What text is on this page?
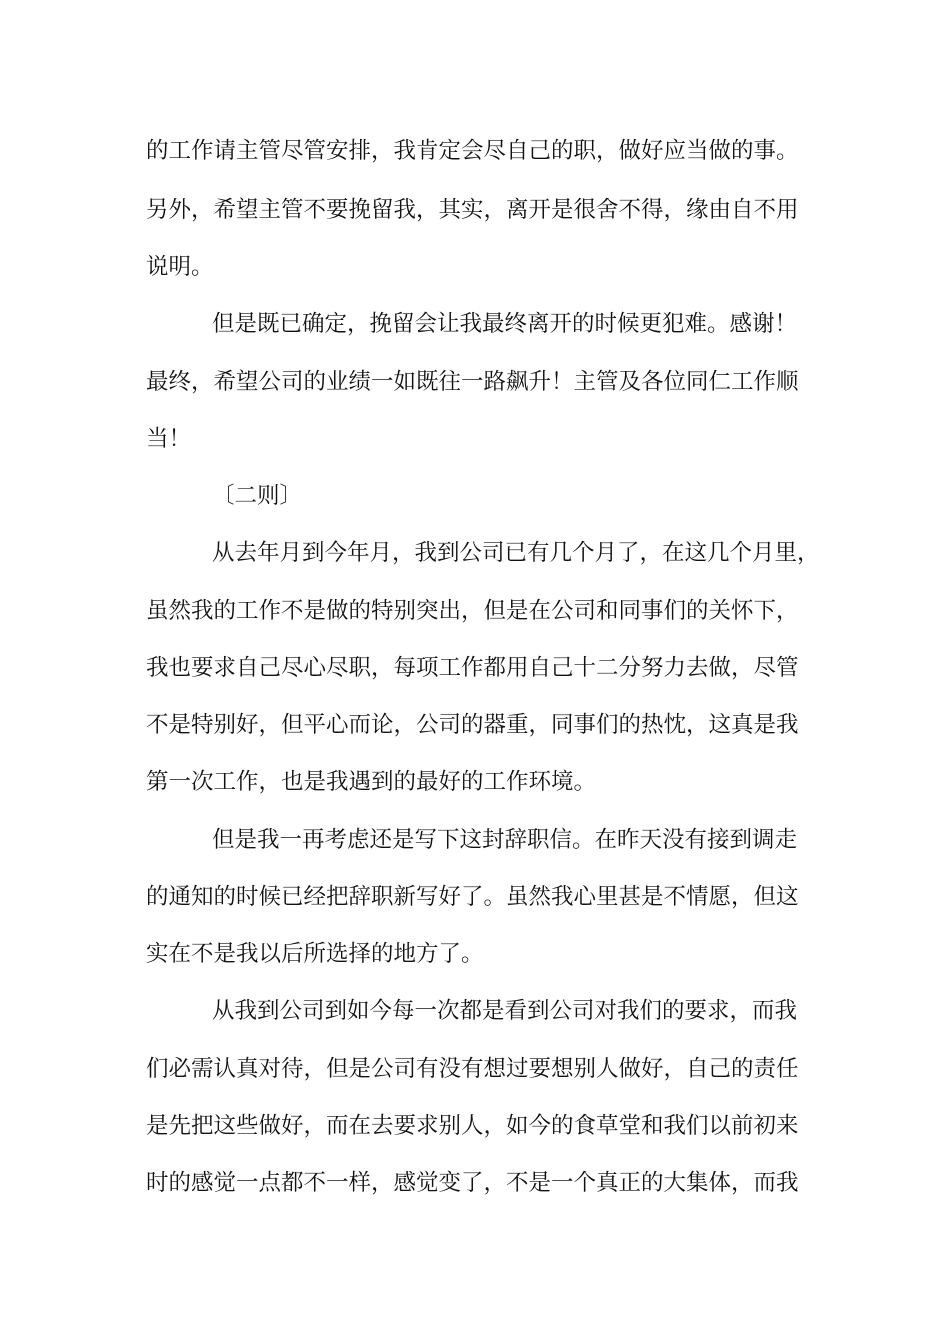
的工作请主管尽管安排，我肯定会尽自己的职，做好应当做的事。
另外，希望主管不要挽留我，其实，离开是很舍不得，缘由自不用
说明。
但是既已确定，挽留会让我最终离开的时候更犯难。感谢！
最终，希望公司的业绩一如既往一路飙升！主管及各位同仁工作顺
当！
〔二则〕
从去年月到今年月，我到公司已有几个月了，在这几个月里，
虽然我的工作不是做的特别突出，但是在公司和同事们的关怀下，
我也要求自己尽心尽职，每项工作都用自己十二分努力去做，尽管
不是特别好，但平心而论，公司的器重，同事们的热忱，这真是我
第一次工作，也是我遇到的最好的工作环境。
但是我一再考虑还是写下这封辞职信。在昨天没有接到调走
的通知的时候已经把辞职新写好了。虽然我心里甚是不情愿，但这
实在不是我以后所选择的地方了。
从我到公司到如今每一次都是看到公司对我们的要求，而我
们必需认真对待，但是公司有没有想过要想别人做好，自己的责任
是先把这些做好，而在去要求别人，如今的食草堂和我们以前初来
时的感觉一点都不一样，感觉变了，不是一个真正的大集体，而我
